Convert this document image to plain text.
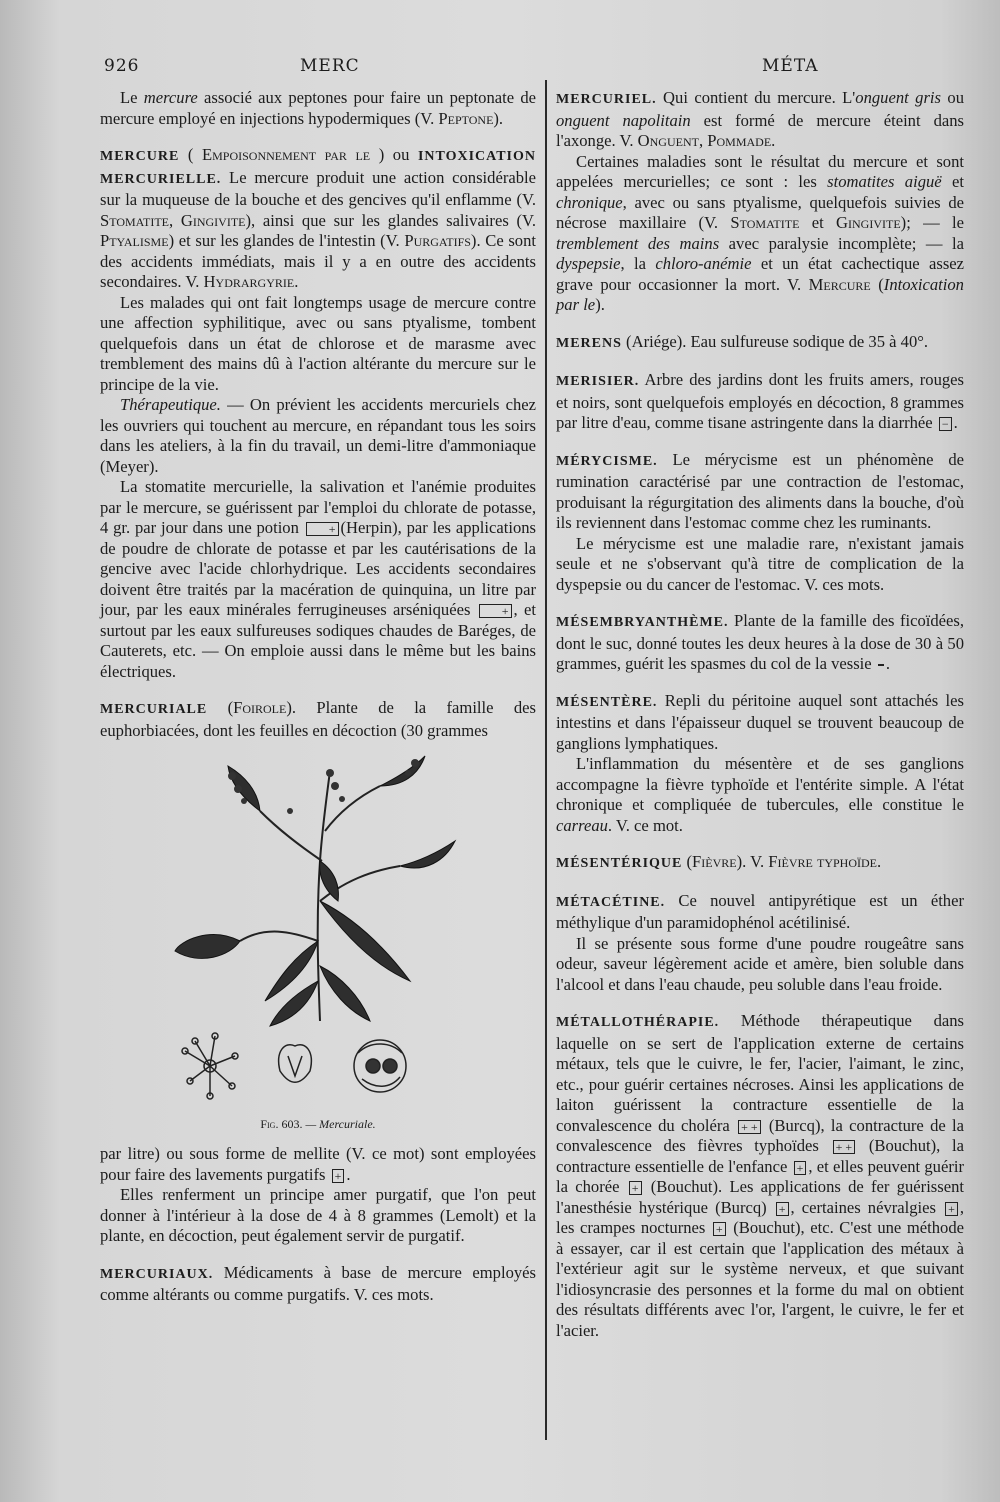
926	MERC	MÉTA

Le mercure associé aux peptones pour faire un peptonate de mercure employé en injections hypodermiques (V. Peptone).

MERCURE ( Empoisonnement par le ) ou INTOXICATION MERCURIELLE. Le mercure produit une action considérable sur la muqueuse de la bouche et des gencives qu'il enflamme (V. Stomatite, Gingivite), ainsi que sur les glandes salivaires (V. Ptyalisme) et sur les glandes de l'intestin (V. Purgatifs). Ce sont des accidents immédiats, mais il y a en outre des accidents secondaires. V. Hydrargyrie.

Les malades qui ont fait longtemps usage de mercure contre une affection syphilitique, avec ou sans ptyalisme, tombent quelquefois dans un état de chlorose et de marasme avec tremblement des mains dû à l'action altérante du mercure sur le principe de la vie.

Thérapeutique. — On prévient les accidents mercuriels chez les ouvriers qui touchent au mercure, en répandant tous les soirs dans les ateliers, à la fin du travail, un demi-litre d'ammoniaque (Meyer).

La stomatite mercurielle, la salivation et l'anémie produites par le mercure, se guérissent par l'emploi du chlorate de potasse, 4 gr. par jour dans une potion + (Herpin), par les applications de poudre de chlorate de potasse et par les cautérisations de la gencive avec l'acide chlorhydrique. Les accidents secondaires doivent être traités par la macération de quinquina, un litre par jour, par les eaux minérales ferrugineuses arséniquées + , et surtout par les eaux sulfureuses sodiques chaudes de Baréges, de Cauterets, etc. — On emploie aussi dans le même but les bains électriques.

MERCURIALE (Foirole). Plante de la famille des euphorbiacées, dont les feuilles en décoction (30 grammes

Fig. 603. — Mercuriale.

par litre) ou sous forme de mellite (V. ce mot) sont employées pour faire des lavements purgatifs + .

Elles renferment un principe amer purgatif, que l'on peut donner à l'intérieur à la dose de 4 à 8 grammes (Lemolt) et la plante, en décoction, peut également servir de purgatif.

MERCURIAUX. Médicaments à base de mercure employés comme altérants ou comme purgatifs. V. ces mots.

MERCURIEL. Qui contient du mercure. L'onguent gris ou onguent napolitain est formé de mercure éteint dans l'axonge. V. Onguent, Pommade.

Certaines maladies sont le résultat du mercure et sont appelées mercurielles; ce sont : les stomatites aiguë et chronique, avec ou sans ptyalisme, quelquefois suivies de nécrose maxillaire (V. Stomatite et Gingivite); — le tremblement des mains avec paralysie incomplète; — la dyspepsie, la chloro-anémie et un état cachectique assez grave pour occasionner la mort. V. Mercure (Intoxication par le).

MERENS (Ariége). Eau sulfureuse sodique de 35 à 40°.

MERISIER. Arbre des jardins dont les fruits amers, rouges et noirs, sont quelquefois employés en décoction, 8 grammes par litre d'eau, comme tisane astringente dans la diarrhée − .

MÉRYCISME. Le mérycisme est un phénomène de rumination caractérisé par une contraction de l'estomac, produisant la régurgitation des aliments dans la bouche, d'où ils reviennent dans l'estomac comme chez les ruminants.

Le mérycisme est une maladie rare, n'existant jamais seule et ne s'observant qu'à titre de complication de la dyspepsie ou du cancer de l'estomac. V. ces mots.

MÉSEMBRYANTHÈME. Plante de la famille des ficoïdées, dont le suc, donné toutes les deux heures à la dose de 30 à 50 grammes, guérit les spasmes du col de la vessie .

MÉSENTÈRE. Repli du péritoine auquel sont attachés les intestins et dans l'épaisseur duquel se trouvent beaucoup de ganglions lymphatiques.

L'inflammation du mésentère et de ses ganglions accompagne la fièvre typhoïde et l'entérite simple. A l'état chronique et compliquée de tubercules, elle constitue le carreau. V. ce mot.

MÉSENTÉRIQUE (Fièvre). V. Fièvre typhoïde.

MÉTACÉTINE. Ce nouvel antipyrétique est un éther méthylique d'un paramidophénol acétilinisé.

Il se présente sous forme d'une poudre rougeâtre sans odeur, saveur légèrement acide et amère, bien soluble dans l'alcool et dans l'eau chaude, peu soluble dans l'eau froide.

MÉTALLOTHÉRAPIE. Méthode thérapeutique dans laquelle on se sert de l'application externe de certains métaux, tels que le cuivre, le fer, l'acier, l'aimant, le zinc, etc., pour guérir certaines nécroses. Ainsi les applications de laiton guérissent la contracture essentielle de la convalescence du choléra + + (Burcq), la contracture de la convalescence des fièvres typhoïdes + + (Bouchut), la contracture essentielle de l'enfance + , et elles peuvent guérir la chorée + (Bouchut). Les applications de fer guérissent l'anesthésie hystérique (Burcq) + , certaines névralgies + , les crampes nocturnes + (Bouchut), etc. C'est une méthode à essayer, car il est certain que l'application des métaux à l'extérieur agit sur le système nerveux, et que suivant l'idiosyncrasie des personnes et la forme du mal on obtient des résultats différents avec l'or, l'argent, le cuivre, le fer et l'acier.
